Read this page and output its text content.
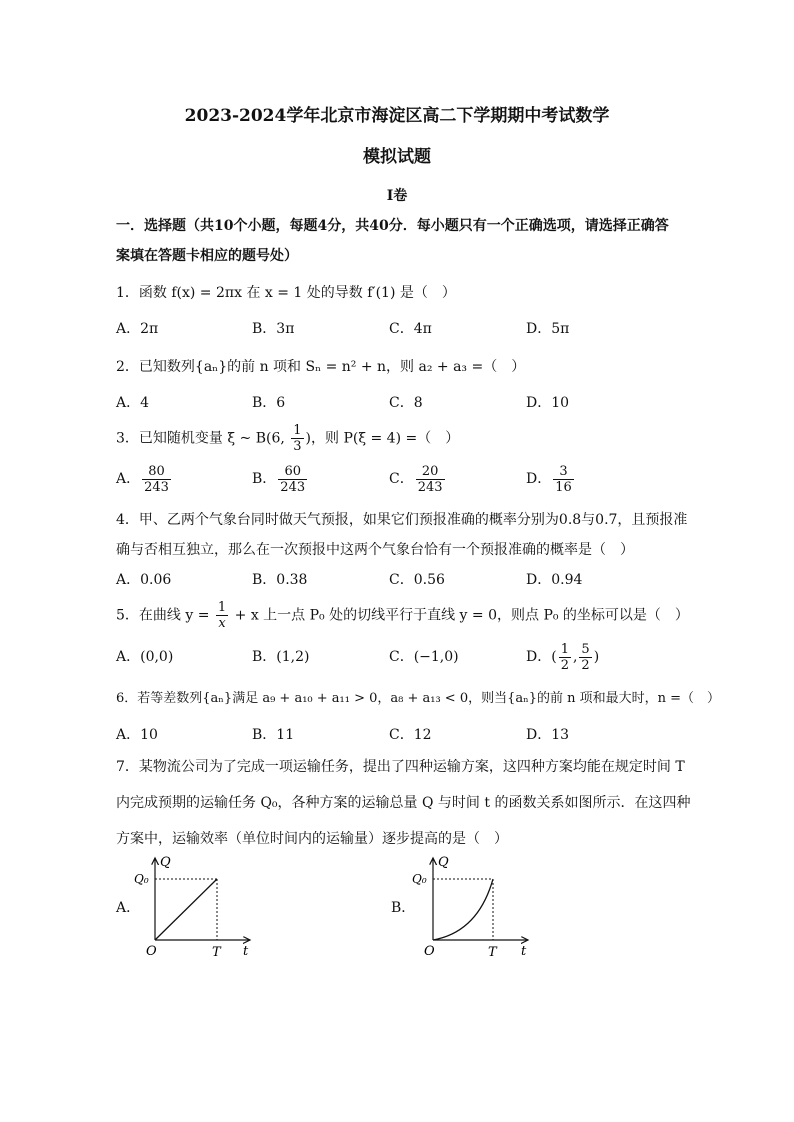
2023-2024学年北京市海淀区高二下学期期中考试数学
模拟试题
Ⅰ卷
一．选择题（共10个小题，每题4分，共40分．每小题只有一个正确选项，请选择正确答
案填在答题卡相应的题号处）
1．函数 f(x) = 2πx 在 x = 1 处的导数 f′(1) 是（　）
A．2π	B．3π	C．4π	D．5π
2．已知数列{aₙ}的前 n 项和 Sₙ = n² + n，则 a₂ + a₃ =（　）
A．4	B．6	C．8	D．10
3．已知随机变量 ξ ~ B(6, $\frac{1}{3}$ )，则 P(ξ = 4) =（　）
A． $\frac{80}{243}$	B． $\frac{60}{243}$	C． $\frac{20}{243}$	D． $\frac{3}{16}$
4．甲、乙两个气象台同时做天气预报，如果它们预报准确的概率分别为0.8与0.7，且预报准
确与否相互独立，那么在一次预报中这两个气象台恰有一个预报准确的概率是（　）
A．0.06	B．0.38	C．0.56	D．0.94
5．在曲线 $y = \frac{1}{x} + x$ 上一点 P₀ 处的切线平行于直线 y = 0，则点 P₀ 的坐标可以是（　）
A．(0,0)	B．(1,2)	C．(−1,0)	D．( $\frac{1}{2}$ , $\frac{5}{2}$ )
6．若等差数列{aₙ}满足 a₉ + a₁₀ + a₁₁ > 0，a₈ + a₁₃ < 0，则当{aₙ}的前 n 项和最大时，n =（　）
A．10	B．11	C．12	D．13
7．某物流公司为了完成一项运输任务，提出了四种运输方案，这四种方案均能在规定时间 T
内完成预期的运输任务 Q₀，各种方案的运输总量 Q 与时间 t 的函数关系如图所示．在这四种
方案中，运输效率（单位时间内的运输量）逐步提高的是（　）
A．
Q
Q₀
O	T t
B．
Q
Q₀
O	T t
